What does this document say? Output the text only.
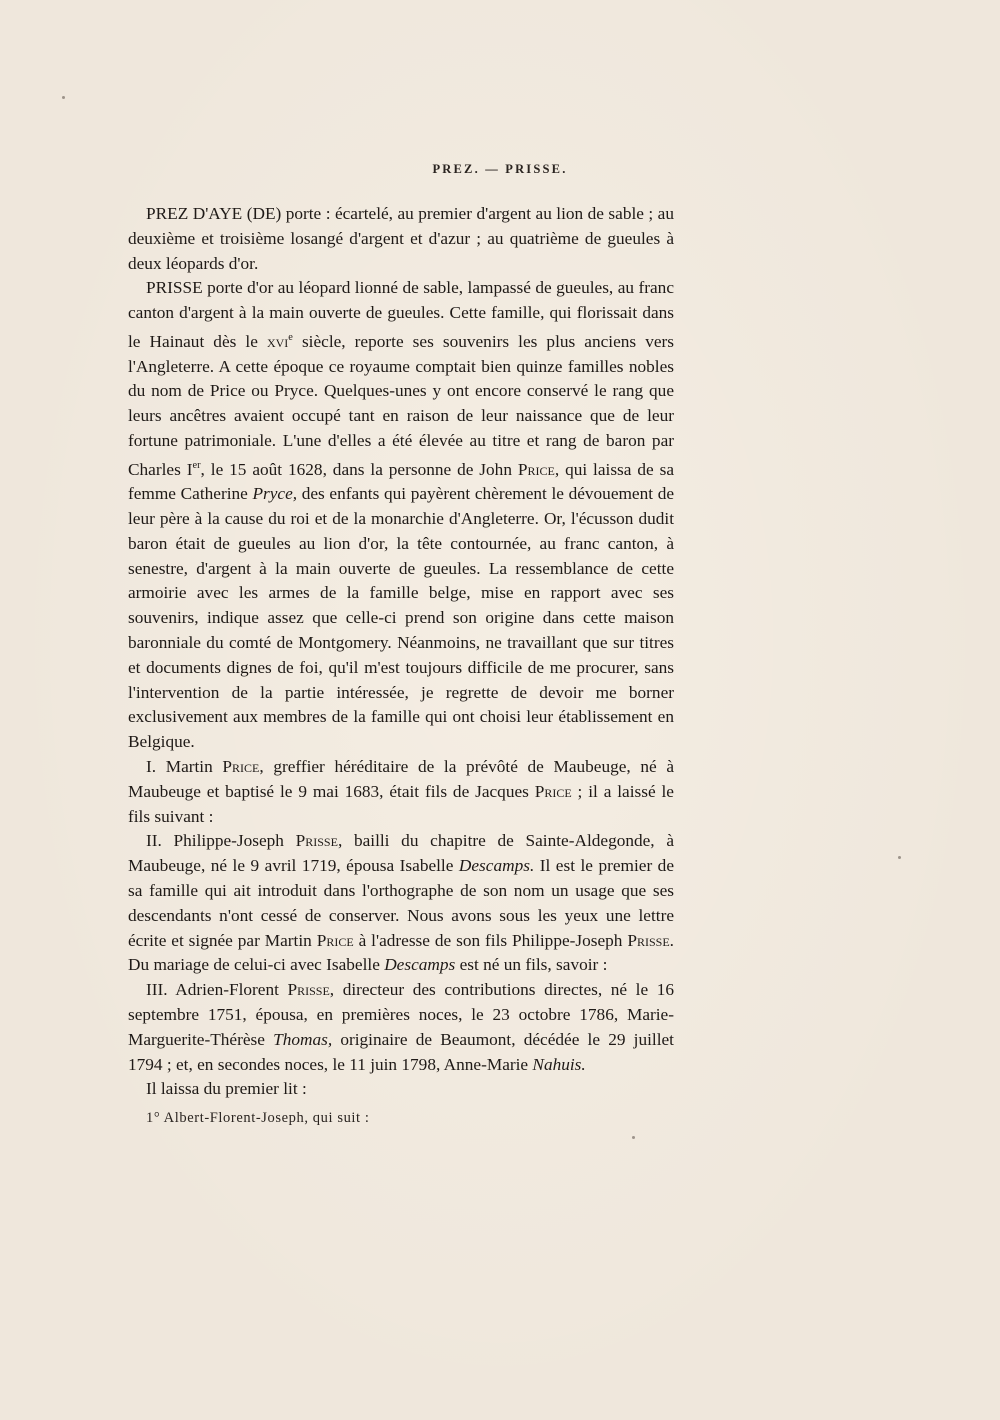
PREZ. — PRISSE.

PREZ D'AYE (DE) porte : écartelé, au premier d'argent au lion de sable ; au deuxième et troisième losangé d'argent et d'azur ; au quatrième de gueules à deux léopards d'or.

PRISSE porte d'or au léopard lionné de sable, lampassé de gueules, au franc canton d'argent à la main ouverte de gueules. Cette famille, qui florissait dans le Hainaut dès le xvi$^e$ siècle, reporte ses souvenirs les plus anciens vers l'Angleterre. A cette époque ce royaume comptait bien quinze familles nobles du nom de Price ou Pryce. Quelques-unes y ont encore conservé le rang que leurs ancêtres avaient occupé tant en raison de leur naissance que de leur fortune patrimoniale. L'une d'elles a été élevée au titre et rang de baron par Charles Ier, le 15 août 1628, dans la personne de John Price, qui laissa de sa femme Catherine Pryce, des enfants qui payèrent chèrement le dévouement de leur père à la cause du roi et de la monarchie d'Angleterre. Or, l'écusson dudit baron était de gueules au lion d'or, la tête contournée, au franc canton, à senestre, d'argent à la main ouverte de gueules. La ressemblance de cette armoirie avec les armes de la famille belge, mise en rapport avec ses souvenirs, indique assez que celle-ci prend son origine dans cette maison baronniale du comté de Montgomery. Néanmoins, ne travaillant que sur titres et documents dignes de foi, qu'il m'est toujours difficile de me procurer, sans l'intervention de la partie intéressée, je regrette de devoir me borner exclusivement aux membres de la famille qui ont choisi leur établissement en Belgique.

I. Martin Price, greffier héréditaire de la prévôté de Maubeuge, né à Maubeuge et baptisé le 9 mai 1683, était fils de Jacques Price ; il a laissé le fils suivant :

II. Philippe-Joseph Prisse, bailli du chapitre de Sainte-Aldegonde, à Maubeuge, né le 9 avril 1719, épousa Isabelle Descamps. Il est le premier de sa famille qui ait introduit dans l'orthographe de son nom un usage que ses descendants n'ont cessé de conserver. Nous avons sous les yeux une lettre écrite et signée par Martin Price à l'adresse de son fils Philippe-Joseph Prisse. Du mariage de celui-ci avec Isabelle Descamps est né un fils, savoir :

III. Adrien-Florent Prisse, directeur des contributions directes, né le 16 septembre 1751, épousa, en premières noces, le 23 octobre 1786, Marie-Marguerite-Thérèse Thomas, originaire de Beaumont, décédée le 29 juillet 1794 ; et, en secondes noces, le 11 juin 1798, Anne-Marie Nahuis.

Il laissa du premier lit :

1° Albert-Florent-Joseph, qui suit :
